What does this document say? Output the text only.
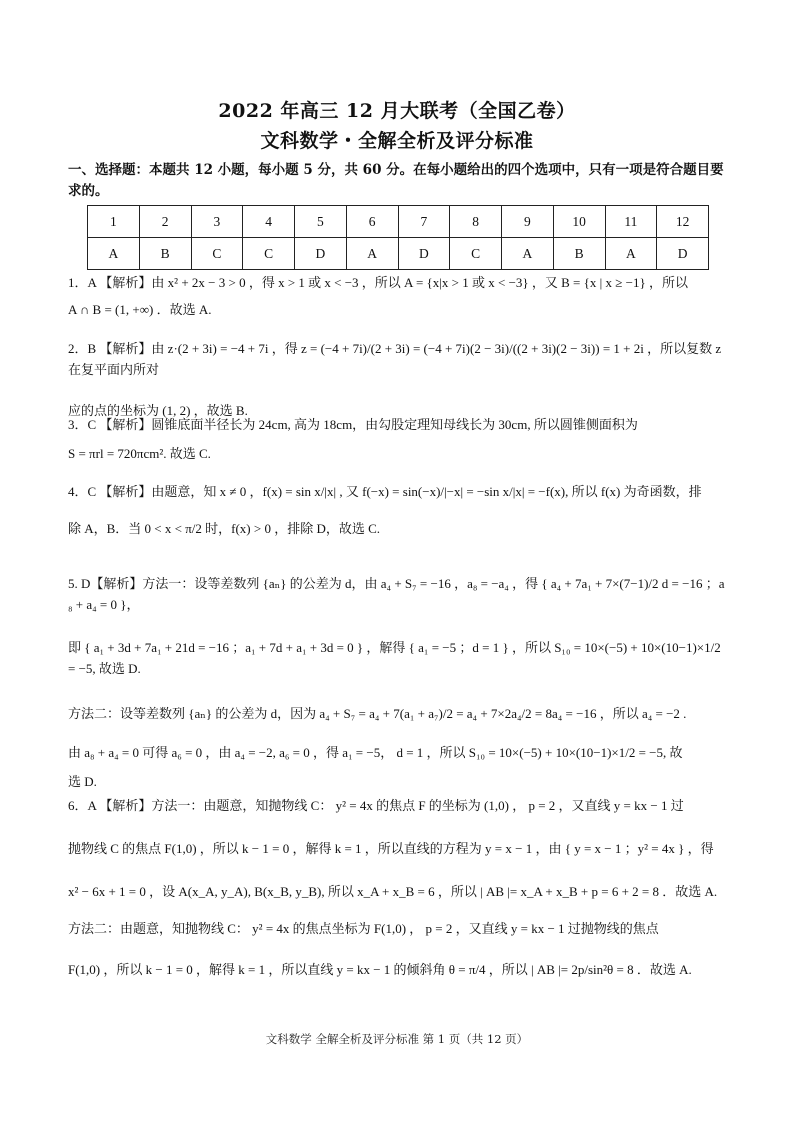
2022 年高三 12 月大联考（全国乙卷）
文科数学・全解全析及评分标准
一、选择题：本题共 12 小题，每小题 5 分，共 60 分。在每小题给出的四个选项中，只有一项是符合题目要求的。
1	2	3	4	5	6	7	8	9	10	11	12
A	B	C	C	D	A	D	C	A	B	A	D

1．A 【解析】由 x² + 2x − 3 > 0 ，得 x > 1 或 x < −3 ，所以 A = {x|x > 1 或 x < −3} ，又 B = {x | x ≥ −1} ，所以

A ∩ B = (1, +∞) ．故选 A.

2．B 【解析】由 z·(2 + 3i) = −4 + 7i ，得 z = (−4 + 7i)/(2 + 3i) = (−4 + 7i)(2 − 3i)/((2 + 3i)(2 − 3i)) = 1 + 2i ，所以复数 z 在复平面内所对

应的点的坐标为 (1, 2) ，故选 B.

3．C 【解析】圆锥底面半径长为 24cm, 高为 18cm，由勾股定理知母线长为 30cm, 所以圆锥侧面积为

S = πrl = 720πcm². 故选 C.

4．C 【解析】由题意，知 x ≠ 0 ，f(x) = sin x/|x| , 又 f(−x) = sin(−x)/|−x| = −sin x/|x| = −f(x), 所以 f(x) 为奇函数，排

除 A，B．当 0 < x < π/2 时，f(x) > 0 ，排除 D，故选 C.

5. D【解析】方法一：设等差数列 {aₙ} 的公差为 d，由 a₄ + S₇ = −16 ，a₈ = −a₄ ，得 { a₄ + 7a₁ + 7×(7−1)/2 d = −16 ；a₈ + a₄ = 0 }，

即 { a₁ + 3d + 7a₁ + 21d = −16 ；a₁ + 7d + a₁ + 3d = 0 } ，解得 { a₁ = −5 ；d = 1 } ，所以 S₁₀ = 10×(−5) + 10×(10−1)×1/2 = −5, 故选 D.

方法二：设等差数列 {aₙ} 的公差为 d，因为 a₄ + S₇ = a₄ + 7(a₁ + a₇)/2 = a₄ + 7×2a₄/2 = 8a₄ = −16 ，所以 a₄ = −2 .

由 a₈ + a₄ = 0 可得 a₆ = 0 ，由 a₄ = −2, a₆ = 0 ，得 a₁ = −5， d = 1 ，所以 S₁₀ = 10×(−5) + 10×(10−1)×1/2 = −5, 故

选 D.

6．A 【解析】方法一：由题意，知抛物线 C： y² = 4x 的焦点 F 的坐标为 (1,0) ， p = 2 ，又直线 y = kx − 1 过

抛物线 C 的焦点 F(1,0) ，所以 k − 1 = 0 ，解得 k = 1 ，所以直线的方程为 y = x − 1 ，由 { y = x − 1 ；y² = 4x } ，得

x² − 6x + 1 = 0 ，设 A(x_A, y_A), B(x_B, y_B), 所以 x_A + x_B = 6 ，所以 | AB |= x_A + x_B + p = 6 + 2 = 8 ．故选 A.

方法二：由题意，知抛物线 C： y² = 4x 的焦点坐标为 F(1,0) ， p = 2 ，又直线 y = kx − 1 过抛物线的焦点

F(1,0) ，所以 k − 1 = 0 ，解得 k = 1 ，所以直线 y = kx − 1 的倾斜角 θ = π/4 ，所以 | AB |= 2p/sin²θ = 8 ．故选 A.

文科数学 全解全析及评分标准 第 1 页（共 12 页）
